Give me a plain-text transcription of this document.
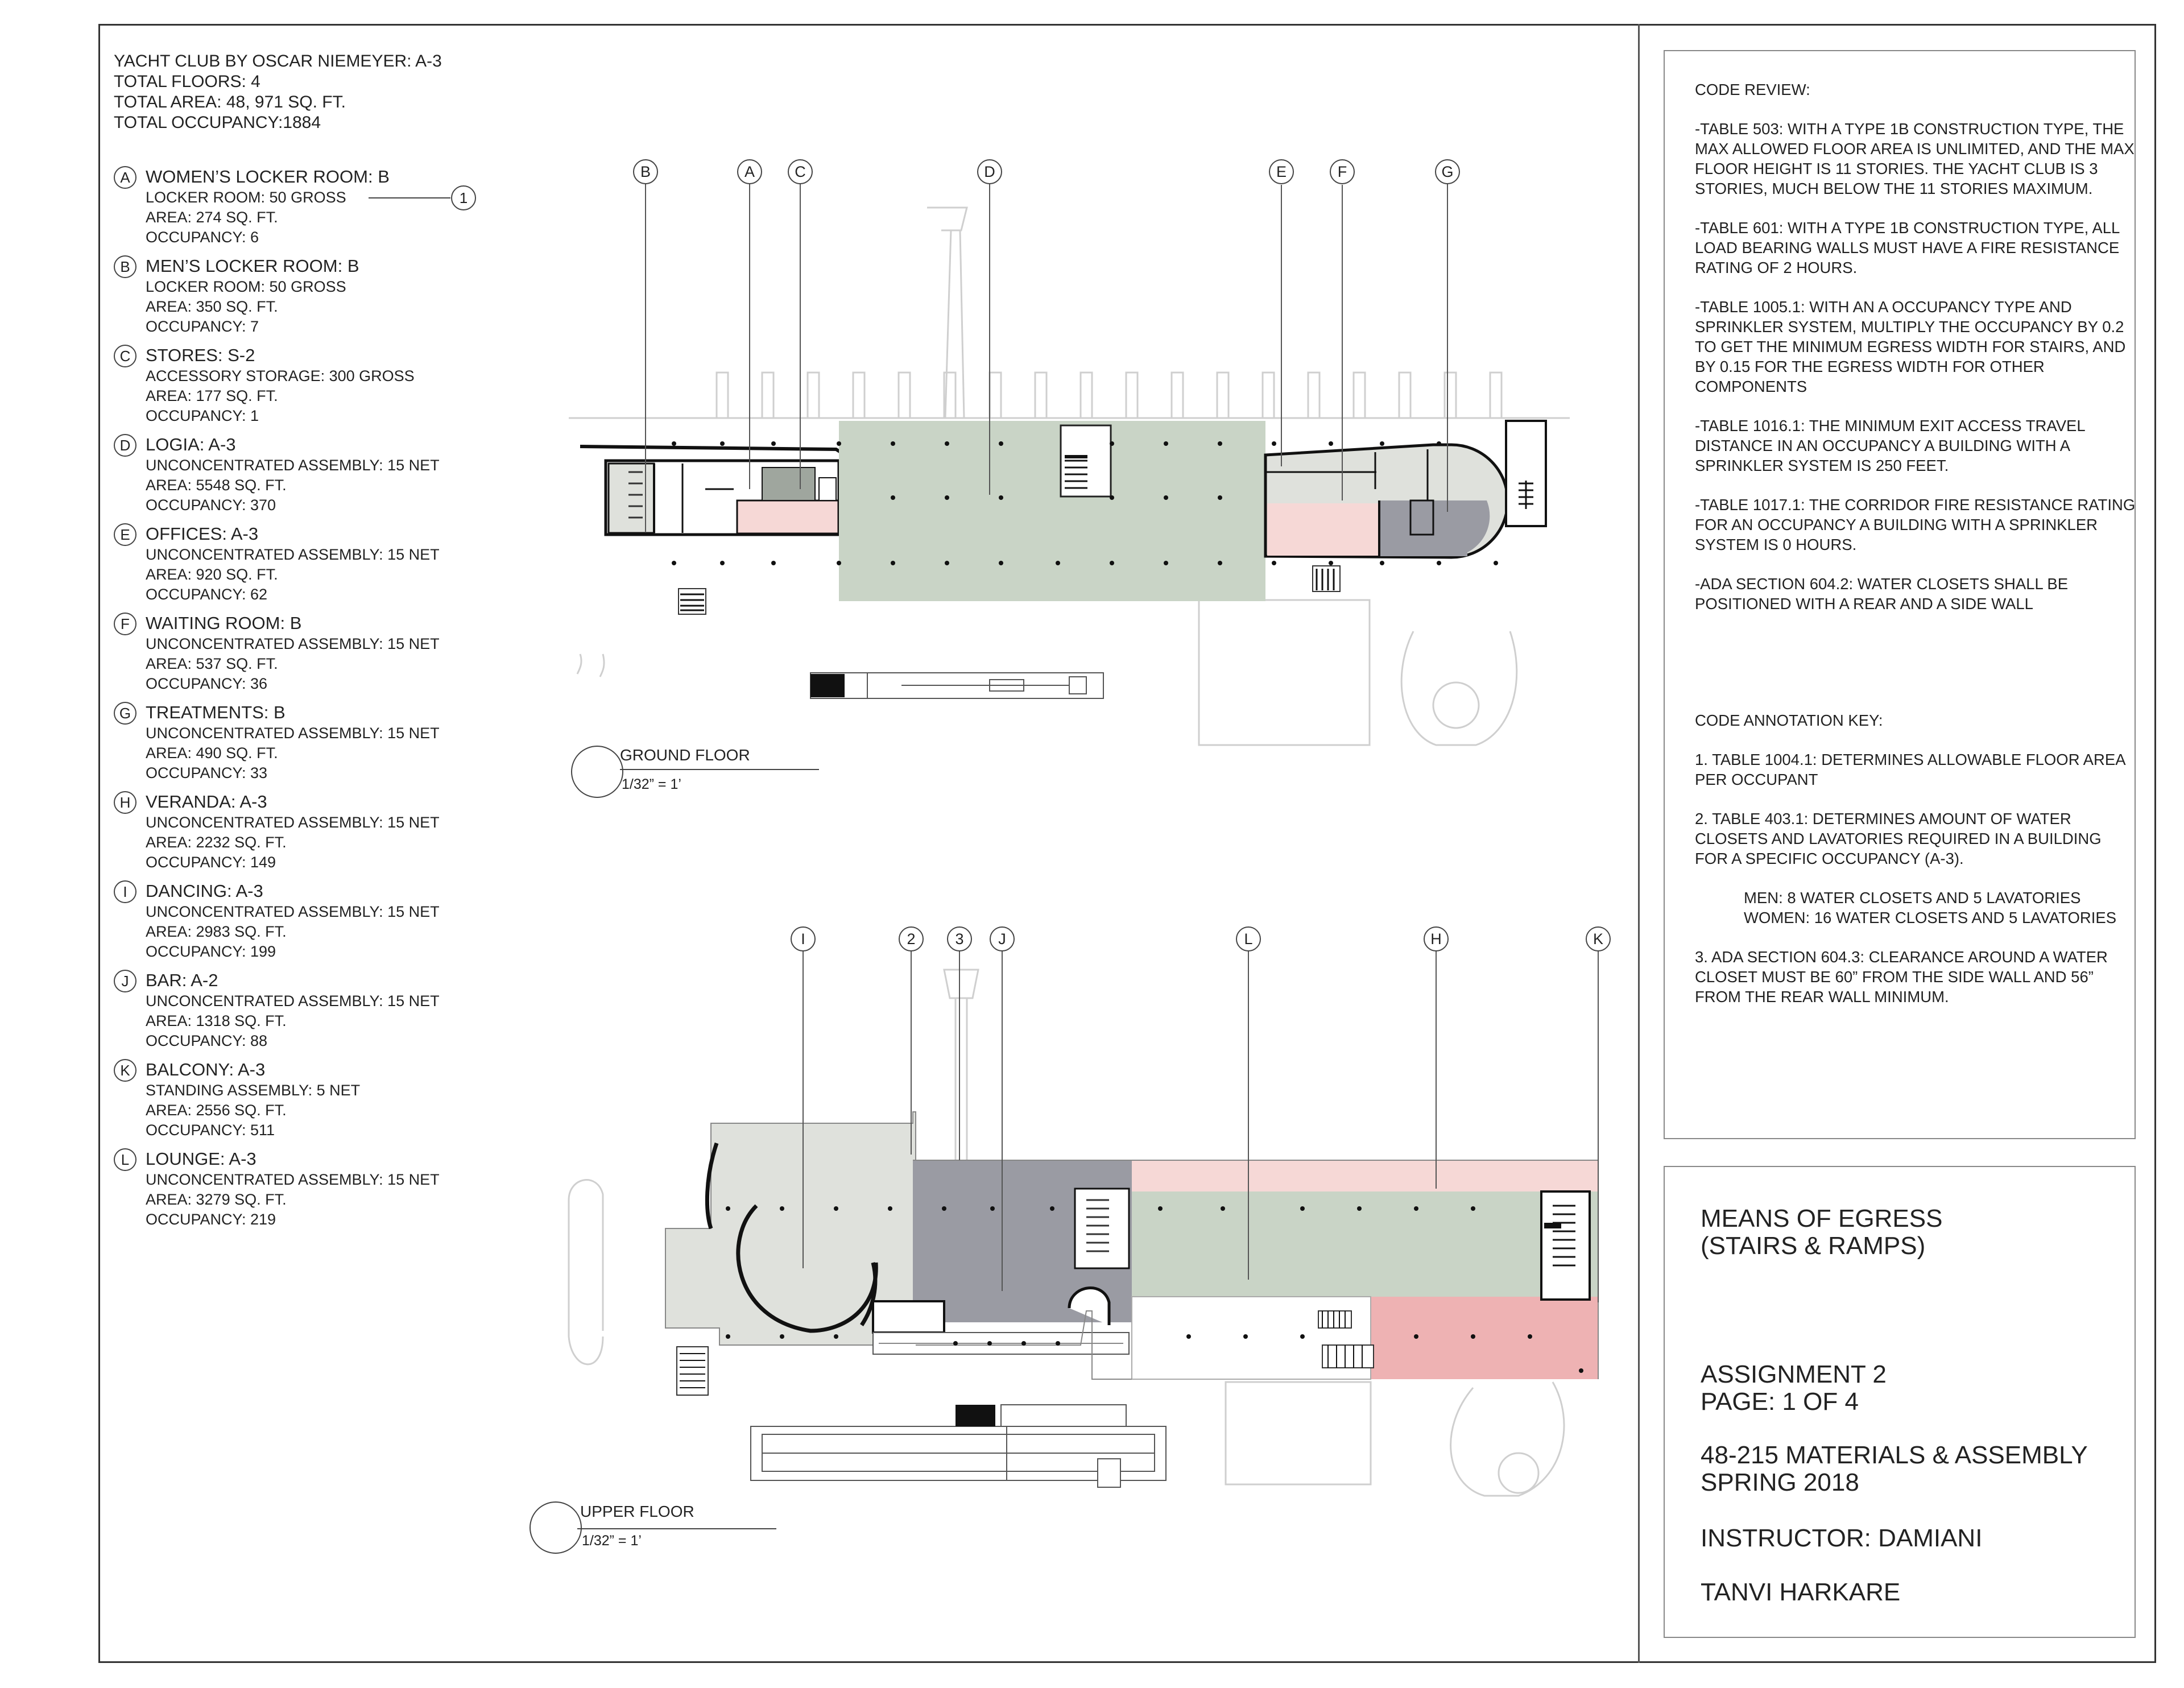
YACHT CLUB BY OSCAR NIEMEYER: A-3
TOTAL FLOORS: 4
TOTAL AREA: 48, 971 SQ. FT.
TOTAL OCCUPANCY:1884
A WOMEN’S LOCKER ROOM: B
LOCKER ROOM: 50 GROSS
AREA: 274 SQ. FT.
OCCUPANCY: 6
B MEN’S LOCKER ROOM: B
LOCKER ROOM: 50 GROSS
AREA: 350 SQ. FT.
OCCUPANCY: 7
C STORES: S-2
ACCESSORY STORAGE: 300 GROSS
AREA: 177 SQ. FT.
OCCUPANCY: 1
D LOGIA: A-3
UNCONCENTRATED ASSEMBLY: 15 NET
AREA: 5548 SQ. FT.
OCCUPANCY: 370
E OFFICES: A-3
UNCONCENTRATED ASSEMBLY: 15 NET
AREA: 920 SQ. FT.
OCCUPANCY: 62
F WAITING ROOM: B
UNCONCENTRATED ASSEMBLY: 15 NET
AREA: 537 SQ. FT.
OCCUPANCY: 36
G TREATMENTS: B
UNCONCENTRATED ASSEMBLY: 15 NET
AREA: 490 SQ. FT.
OCCUPANCY: 33
H VERANDA: A-3
UNCONCENTRATED ASSEMBLY: 15 NET
AREA: 2232 SQ. FT.
OCCUPANCY: 149
I	DANCING: A-3
UNCONCENTRATED ASSEMBLY: 15 NET
AREA: 2983 SQ. FT.
OCCUPANCY: 199
J BAR: A-2
UNCONCENTRATED ASSEMBLY: 15 NET
AREA: 1318 SQ. FT.
OCCUPANCY: 88
K BALCONY: A-3
STANDING ASSEMBLY: 5 NET
AREA: 2556 SQ. FT.
OCCUPANCY: 511
L LOUNGE: A-3
UNCONCENTRATED ASSEMBLY: 15 NET
AREA: 3279 SQ. FT.
OCCUPANCY: 219
1
B	A	C	D	E	F	G
I	2	3 J	L	H	K
GROUND FLOOR
1/32” = 1’
UPPER FLOOR
1/32” = 1’

CODE REVIEW:

-TABLE 503: WITH A TYPE 1B CONSTRUCTION TYPE, THE MAX ALLOWED FLOOR AREA IS UNLIMITED, AND THE MAX FLOOR HEIGHT IS 11 STORIES. THE YACHT CLUB IS 3 STORIES, MUCH BELOW THE 11 STORIES MAXIMUM.

-TABLE 601: WITH A TYPE 1B CONSTRUCTION TYPE, ALL LOAD BEARING WALLS MUST HAVE A FIRE RESISTANCE RATING OF 2 HOURS.

-TABLE 1005.1: WITH AN A OCCUPANCY TYPE AND SPRINKLER SYSTEM, MULTIPLY THE OCCUPANCY BY 0.2 TO GET THE MINIMUM EGRESS WIDTH FOR STAIRS, AND BY 0.15 FOR THE EGRESS WIDTH FOR OTHER COMPONENTS

-TABLE 1016.1: THE MINIMUM EXIT ACCESS TRAVEL DISTANCE IN AN OCCUPANCY A BUILDING WITH A SPRINKLER SYSTEM IS 250 FEET.

-TABLE 1017.1: THE CORRIDOR FIRE RESISTANCE RATING FOR AN OCCUPANCY A BUILDING WITH A SPRINKLER SYSTEM IS 0 HOURS.

-ADA SECTION 604.2: WATER CLOSETS SHALL BE POSITIONED WITH A REAR AND A SIDE WALL

CODE ANNOTATION KEY:

1. TABLE 1004.1: DETERMINES ALLOWABLE FLOOR AREA PER OCCUPANT

2. TABLE 403.1: DETERMINES AMOUNT OF WATER CLOSETS AND LAVATORIES REQUIRED IN A BUILDING FOR A SPECIFIC OCCUPANCY (A-3).

MEN: 8 WATER CLOSETS AND 5 LAVATORIES
WOMEN: 16 WATER CLOSETS AND 5 LAVATORIES

3. ADA SECTION 604.3: CLEARANCE AROUND A WATER CLOSET MUST BE 60” FROM THE SIDE WALL AND 56” FROM THE REAR WALL MINIMUM.

MEANS OF EGRESS
(STAIRS & RAMPS)
ASSIGNMENT 2
PAGE: 1 OF 4
48-215 MATERIALS & ASSEMBLY
SPRING 2018
INSTRUCTOR: DAMIANI
TANVI HARKARE
